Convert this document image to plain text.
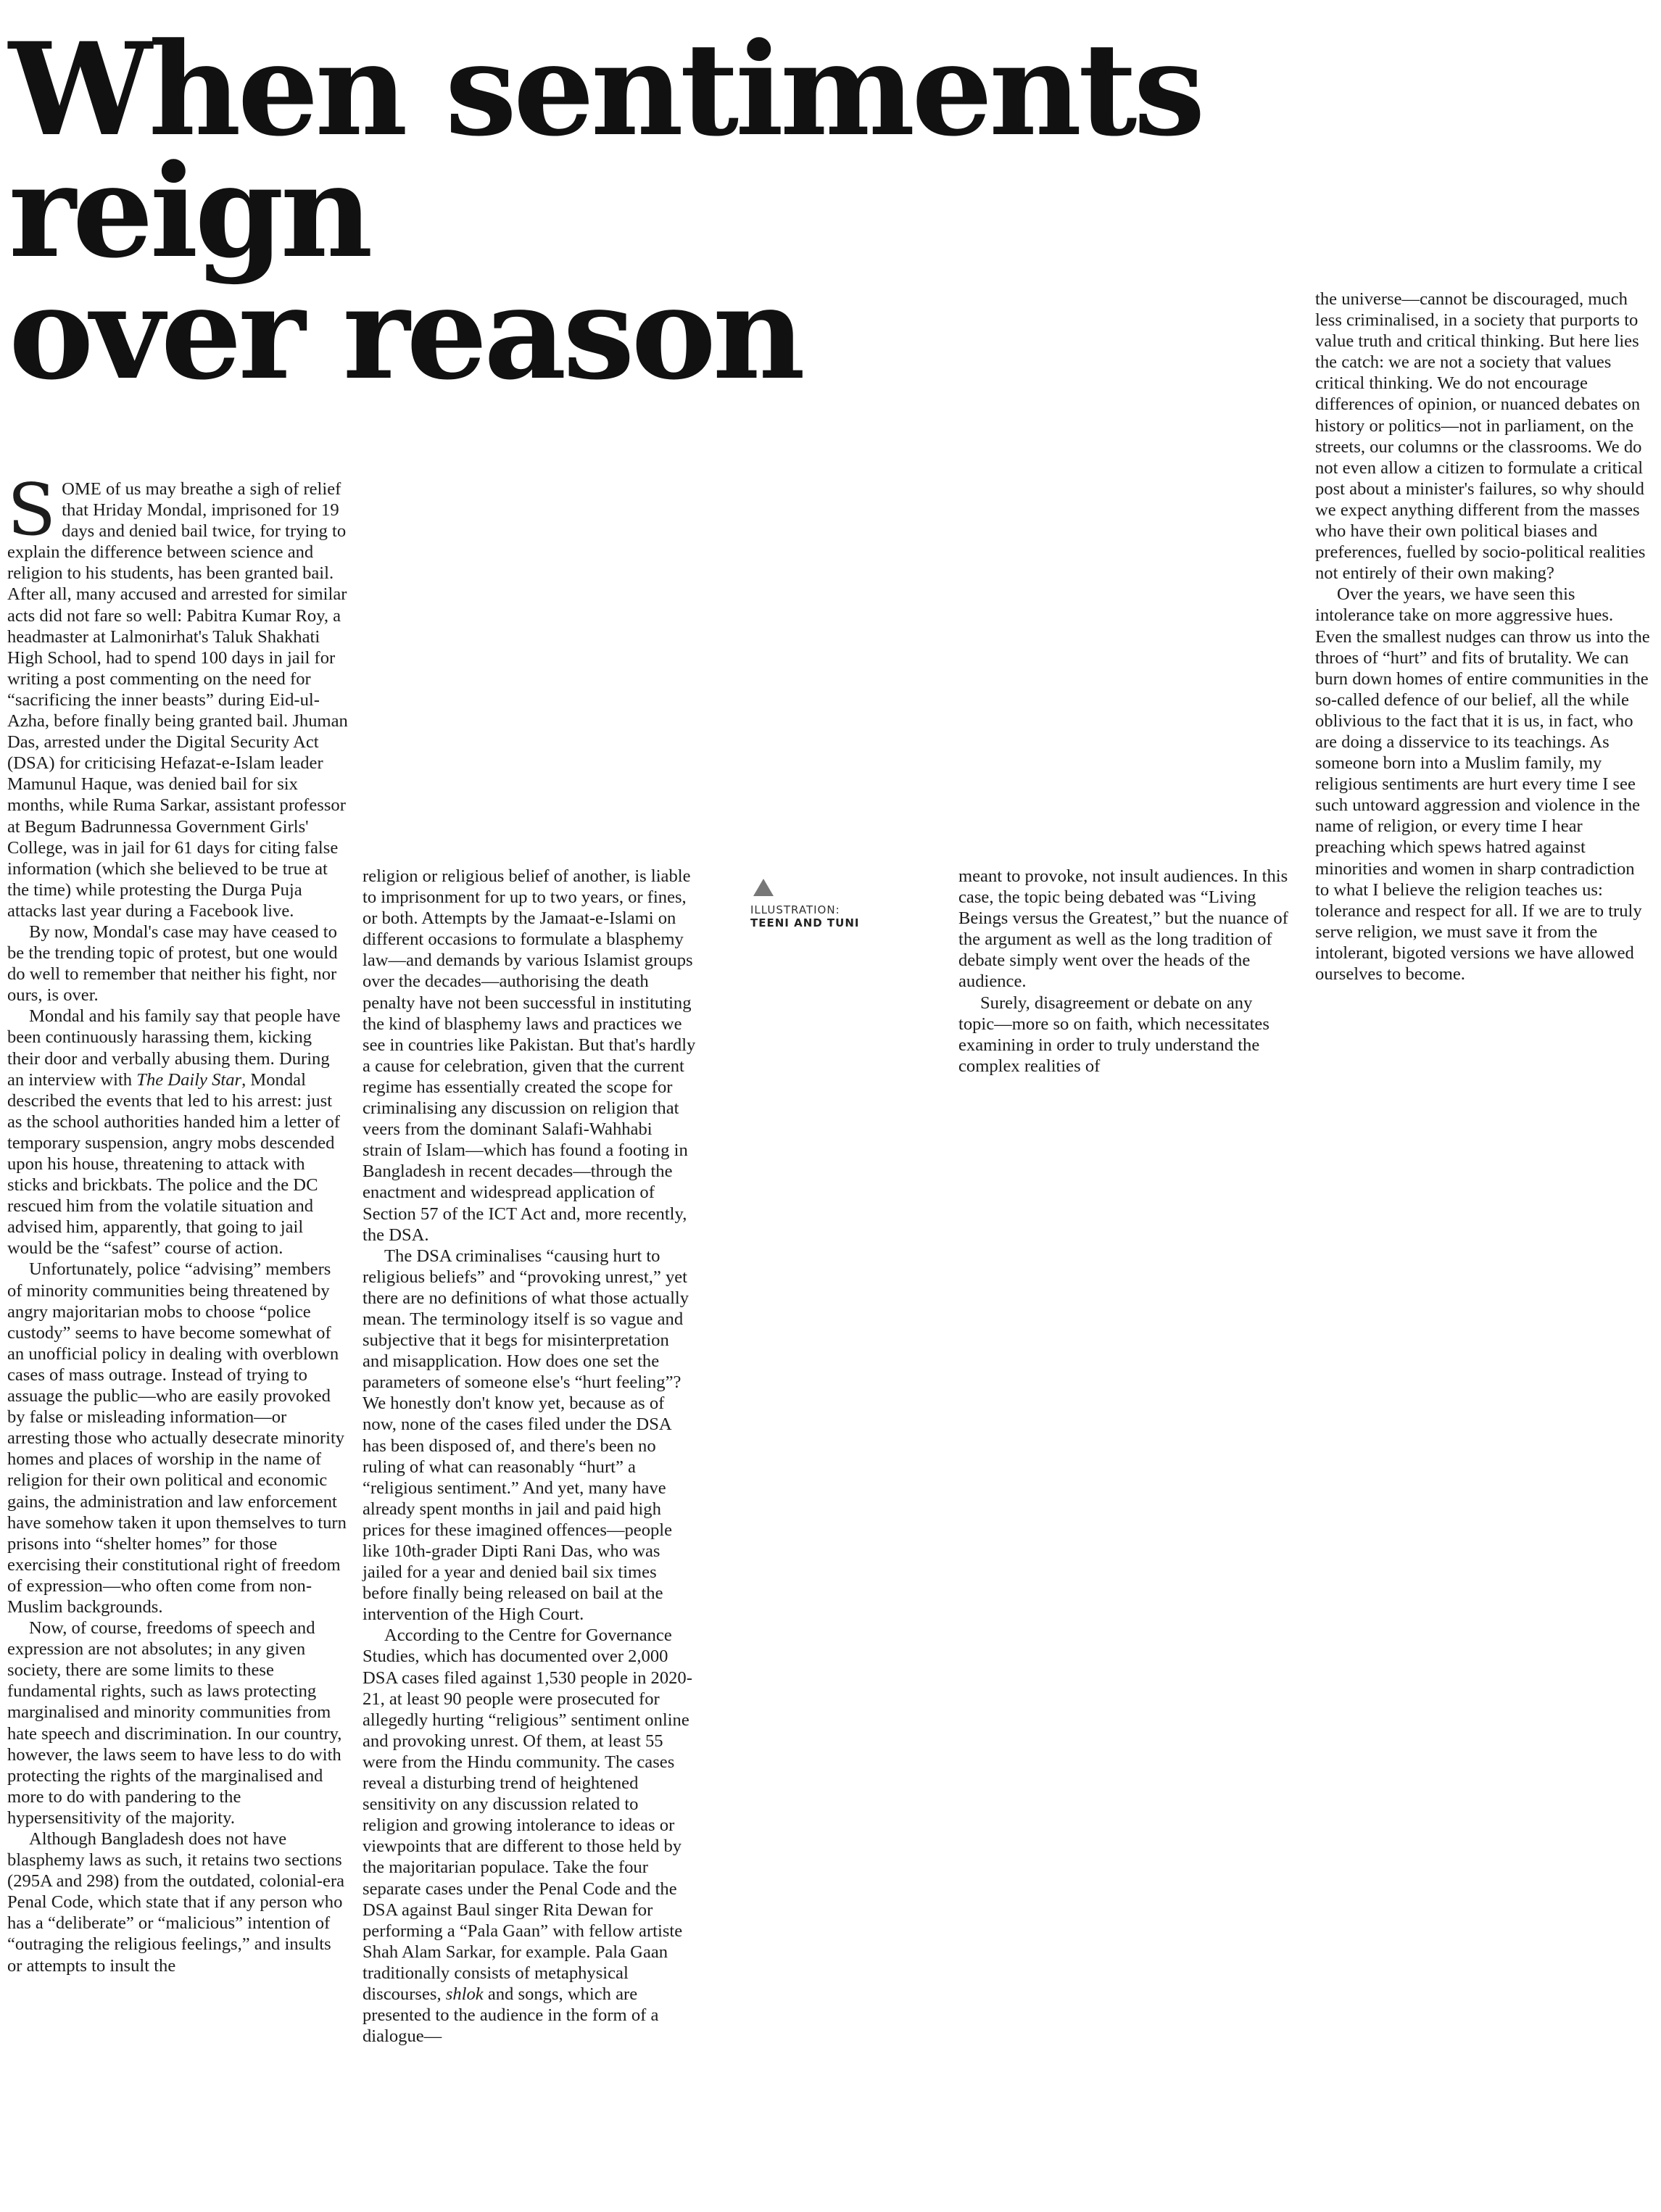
When sentiments reign
over reason

SOME of us may breathe a sigh of relief that Hriday Mondal, imprisoned for 19 days and denied bail twice, for trying to explain the difference between science and religion to his students, has been granted bail. After all, many accused and arrested for similar acts did not fare so well: Pabitra Kumar Roy, a headmaster at Lalmonirhat's Taluk Shakhati High School, had to spend 100 days in jail for writing a post commenting on the need for “sacrificing the inner beasts” during Eid-ul-Azha, before finally being granted bail. Jhuman Das, arrested under the Digital Security Act (DSA) for criticising Hefazat-e-Islam leader Mamunul Haque, was denied bail for six months, while Ruma Sarkar, assistant professor at Begum Badrunnessa Government Girls' College, was in jail for 61 days for citing false information (which she believed to be true at the time) while protesting the Durga Puja attacks last year during a Facebook live.

By now, Mondal's case may have ceased to be the trending topic of protest, but one would do well to remember that neither his fight, nor ours, is over.

Mondal and his family say that people have been continuously harassing them, kicking their door and verbally abusing them. During an interview with The Daily Star, Mondal described the events that led to his arrest: just as the school authorities handed him a letter of temporary suspension, angry mobs descended upon his house, threatening to attack with sticks and brickbats. The police and the DC rescued him from the volatile situation and advised him, apparently, that going to jail would be the “safest” course of action.

Unfortunately, police “advising” members of minority communities being threatened by angry majoritarian mobs to choose “police custody” seems to have become somewhat of an unofficial policy in dealing with overblown cases of mass outrage. Instead of trying to assuage the public—who are easily provoked by false or misleading information—or arresting those who actually desecrate minority homes and places of worship in the name of religion for their own political and economic gains, the administration and law enforcement have somehow taken it upon themselves to turn prisons into “shelter homes” for those exercising their constitutional right of freedom of expression—who often come from non-Muslim backgrounds.

Now, of course, freedoms of speech and expression are not absolutes; in any given society, there are some limits to these fundamental rights, such as laws protecting marginalised and minority communities from hate speech and discrimination. In our country, however, the laws seem to have less to do with protecting the rights of the marginalised and more to do with pandering to the hypersensitivity of the majority.

Although Bangladesh does not have blasphemy laws as such, it retains two sections (295A and 298) from the outdated, colonial-era Penal Code, which state that if any person who has a “deliberate” or “malicious” intention of “outraging the religious feelings,” and insults or attempts to insult the

religion or religious belief of another, is liable to imprisonment for up to two years, or fines, or both. Attempts by the Jamaat-e-Islami on different occasions to formulate a blasphemy law—and demands by various Islamist groups over the decades—authorising the death penalty have not been successful in instituting the kind of blasphemy laws and practices we see in countries like Pakistan. But that's hardly a cause for celebration, given that the current regime has essentially created the scope for criminalising any discussion on religion that veers from the dominant Salafi-Wahhabi strain of Islam—which has found a footing in Bangladesh in recent decades—through the enactment and widespread application of Section 57 of the ICT Act and, more recently, the DSA.

The DSA criminalises “causing hurt to religious beliefs” and “provoking unrest,” yet there are no definitions of what those actually mean. The terminology itself is so vague and subjective that it begs for misinterpretation and misapplication. How does one set the parameters of someone else's “hurt feeling”? We honestly don't know yet, because as of now, none of the cases filed under the DSA has been disposed of, and there's been no ruling of what can reasonably “hurt” a “religious sentiment.” And yet, many have already spent months in jail and paid high prices for these imagined offences—people like 10th-grader Dipti Rani Das, who was jailed for a year and denied bail six times before finally being released on bail at the intervention of the High Court.

According to the Centre for Governance Studies, which has documented over 2,000 DSA cases filed against 1,530 people in 2020-21, at least 90 people were prosecuted for allegedly hurting “religious” sentiment online and provoking unrest. Of them, at least 55 were from the Hindu community. The cases reveal a disturbing trend of heightened sensitivity on any discussion related to religion and growing intolerance to ideas or viewpoints that are different to those held by the majoritarian populace. Take the four separate cases under the Penal Code and the DSA against Baul singer Rita Dewan for performing a “Pala Gaan” with fellow artiste Shah Alam Sarkar, for example. Pala Gaan traditionally consists of metaphysical discourses, shlok and songs, which are presented to the audience in the form of a dialogue—

ILLUSTRATION:
TEENI AND TUNI

meant to provoke, not insult audiences. In this case, the topic being debated was “Living Beings versus the Greatest,” but the nuance of the argument as well as the long tradition of debate simply went over the heads of the audience.

Surely, disagreement or debate on any topic—more so on faith, which necessitates examining in order to truly understand the complex realities of

the universe—cannot be discouraged, much less criminalised, in a society that purports to value truth and critical thinking. But here lies the catch: we are not a society that values critical thinking. We do not encourage differences of opinion, or nuanced debates on history or politics—not in parliament, on the streets, our columns or the classrooms. We do not even allow a citizen to formulate a critical post about a minister's failures, so why should we expect anything different from the masses who have their own political biases and preferences, fuelled by socio-political realities not entirely of their own making?

Over the years, we have seen this intolerance take on more aggressive hues. Even the smallest nudges can throw us into the throes of “hurt” and fits of brutality. We can burn down homes of entire communities in the so-called defence of our belief, all the while oblivious to the fact that it is us, in fact, who are doing a disservice to its teachings. As someone born into a Muslim family, my religious sentiments are hurt every time I see such untoward aggression and violence in the name of religion, or every time I hear preaching which spews hatred against minorities and women in sharp contradiction to what I believe the religion teaches us: tolerance and respect for all. If we are to truly serve religion, we must save it from the intolerant, bigoted versions we have allowed ourselves to become.
